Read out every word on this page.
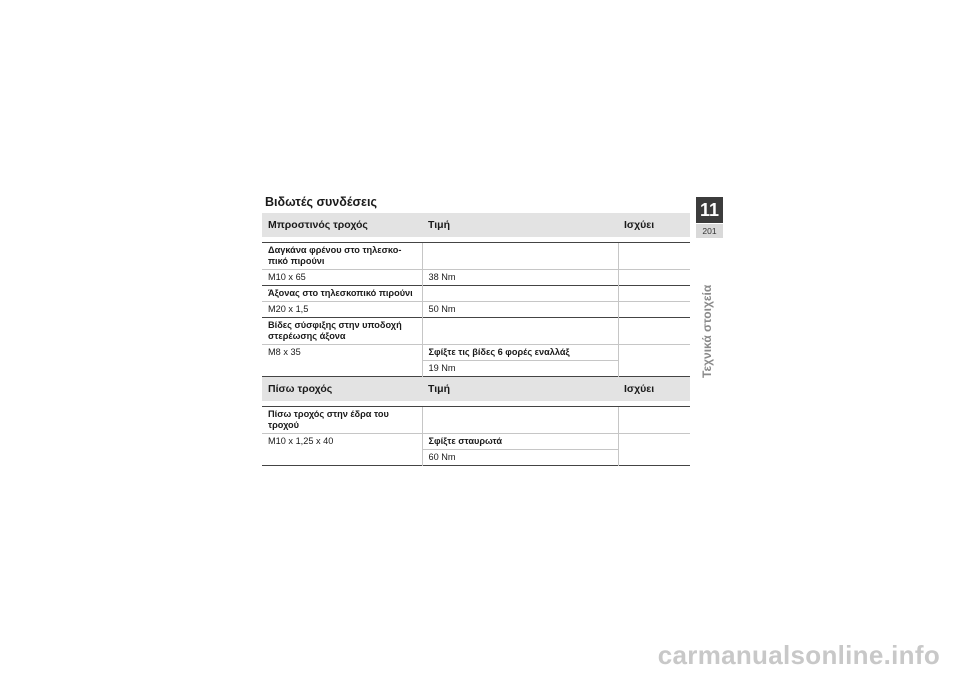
Βιδωτές συνδέσεις
Μπροστινός τροχός	Τιμή	Ισχύει

Δαγκάνα φρένου στο τηλεσκο-πικό πιρούνι		
M10 x 65	38 Nm	
Άξονας στο τηλεσκοπικό πιρούνι		
M20 x 1,5	50 Nm	
Βίδες σύσφιξης στην υποδοχή στερέωσης άξονα		
M8 x 35	Σφίξτε τις βίδες 6 φορές εναλλάξ	
	19 Nm	
Πίσω τροχός	Τιμή	Ισχύει

Πίσω τροχός στην έδρα του τροχού		
M10 x 1,25 x 40	Σφίξτε σταυρωτά	
	60 Nm	

11
201
Τεχνικά στοιχεία
carmanualsonline.info
